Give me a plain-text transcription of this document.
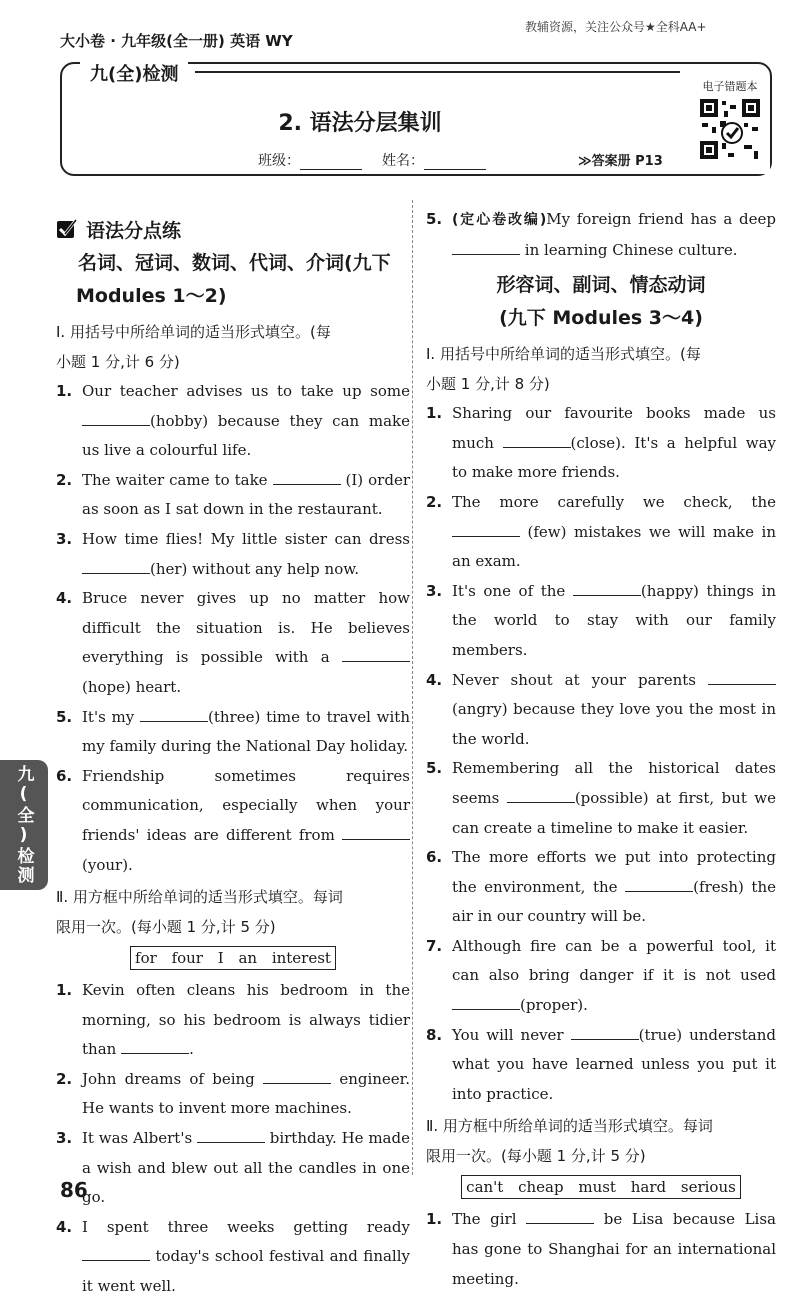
大小卷 · 九年级(全一册) 英语 WY
教辅资源，关注公众号★全科AA+
九(全)检测
2. 语法分层集训
班级：	姓名：	≫答案册 P13
电子错题本
语法分点练
名词、冠词、数词、代词、介词(九下
Modules 1～2)
Ⅰ. 用括号中所给单词的适当形式填空。(每
小题 1 分,计 6 分)
1. Our teacher advises us to take up some (hobby) because they can make us live a colourful life.
2. The waiter came to take	(I) order as soon as I sat down in the restaurant.
3. How time flies! My little sister can dress (her) without any help now.
4. Bruce never gives up no matter how difficult the situation is. He believes everything is possible with a (hope) heart.
5. It's my	(three) time to travel with my family during the National Day holiday.
6. Friendship sometimes requires communication, especially when your friends' ideas are different from (your).
Ⅱ. 用方框中所给单词的适当形式填空。每词
限用一次。(每小题 1 分,计 5 分)
for four I an interest
1. Kevin often cleans his bedroom in the morning, so his bedroom is always tidier than	.
2. John dreams of being	engineer. He wants to invent more machines.
3. It was Albert's	birthday. He made a wish and blew out all the candles in one go.
4. I spent three weeks getting ready  today's school festival and finally it went well.
5. (定心卷改编)My foreign friend has a deep  in learning Chinese culture.
形容词、副词、情态动词
(九下 Modules 3～4)
Ⅰ. 用括号中所给单词的适当形式填空。(每
小题 1 分,计 8 分)
1. Sharing our favourite books made us much	(close). It's a helpful way to make more friends.
2. The more carefully we check, the  (few) mistakes we will make in an exam.
3. It's one of the	(happy) things in the world to stay with our family members.
4. Never shout at your parents (angry) because they love you the most in the world.
5. Remembering all the historical dates seems	(possible) at first, but we can create a timeline to make it easier.
6. The more efforts we put into protecting the environment, the	(fresh) the air in our country will be.
7. Although fire can be a powerful tool, it can also bring danger if it is not used (proper).
8. You will never	(true) understand what you have learned unless you put it into practice.
Ⅱ. 用方框中所给单词的适当形式填空。每词
限用一次。(每小题 1 分,计 5 分)
can't cheap must hard serious
1. The girl	be Lisa because Lisa has gone to Shanghai for an international meeting.
九(全)检测
86
